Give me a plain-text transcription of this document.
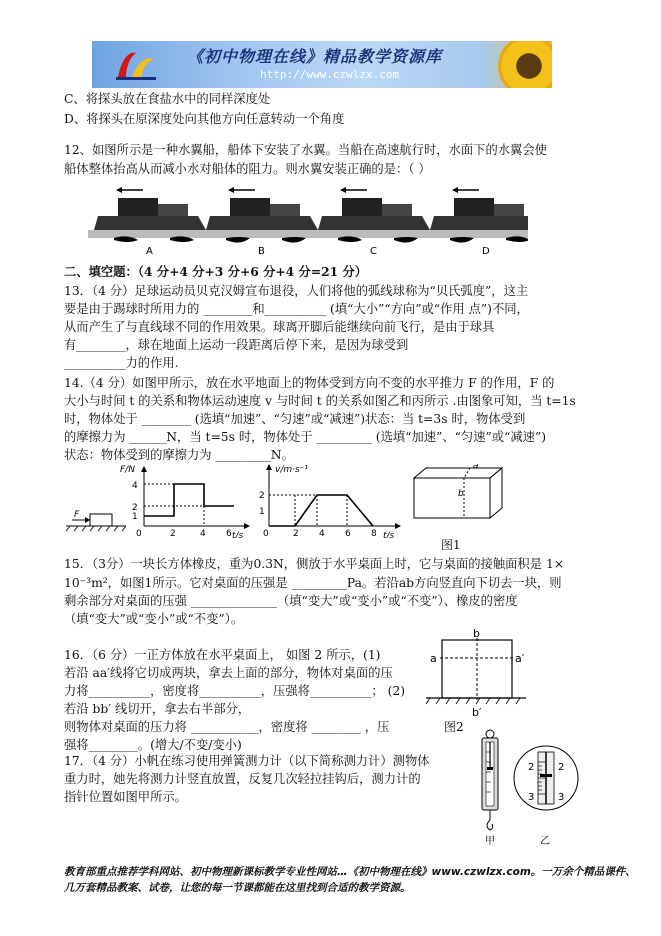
《初中物理在线》精品教学资源库
http://www.czwlzx.com
C、将探头放在食盐水中的同样深度处
D、将探头在原深度处向其他方向任意转动一个角度
12、如图所示是一种水翼船，船体下安装了水翼。当船在高速航行时，水面下的水翼会使
船体整体抬高从而减小水对船体的阻力。则水翼安装正确的是：（ ）
A	B	C	D
二、填空题：（4 分+4 分+3 分+6 分+4 分=21 分）
13．（4 分）足球运动员贝克汉姆宣布退役，人们将他的弧线球称为“贝氏弧度”，这主
要是由于踢球时所用力的 ________和__________ (填“大小”“方向”或“作用 点”)不同，
从而产生了与直线球不同的作用效果。球离开脚后能继续向前飞行，是由于球具
有________，球在地面上运动一段距离后停下来，是因为球受到
__________力的作用.
14.（4 分）如图甲所示，放在水平地面上的物体受到方向不变的水平推力 F 的作用，F 的
大小与时间 t 的关系和物体运动速度 v 与时间 t 的关系如图乙和丙所示 .由图象可知，当 t=1s
时，物体处于 ________ (选填“加速”、“匀速”或“减速”)状态：当 t=3s 时，物体受到
的摩擦力为 ______N，当 t=5s 时，物体处于 _________ (选填“加速”、“匀速”或“减速”)
状态：物体受到的摩擦力为 _________N。
F
F/N
t/s
4
2
1
0	2	4 6
v/m·s⁻¹
t/s
2
1
0	2 4 6 8
a
b
图1
15．（3分）一块长方体橡皮，重为0.3N，侧放于水平桌面上时，它与桌面的接触面积是 1×
10⁻³m²，如图1所示。它对桌面的压强是 _________Pa。若沿ab方向竖直向下切去一块，则
剩余部分对桌面的压强 ______________（填“变大”或“变小”或“不变”）、橡皮的密度
（填“变大”或“变小”或“不变”）。
16．（6 分）一正方体放在水平桌面上， 如图 2 所示，(1)
若沿 aa′线将它切成两块，拿去上面的部分，物体对桌面的压
力将__________，密度将__________，压强将__________； (2)
若沿 bb′ 线切开，拿去右半部分，
则物体对桌面的压力将 ___________，密度将 ________ ，压
强将________。(增大/不变/变小)
a	a′
b
b′
图2
17．（4 分）小帆在练习使用弹簧测力计（以下简称测力计）测物体
重力时，她先将测力计竖直放置，反复几次轻拉挂钩后，测力计的
指针位置如图甲所示。
甲
2
3
2
3
乙
教育部重点推荐学科网站、初中物理新课标教学专业性网站…《初中物理在线》www.czwlzx.com。一万余个精品课件、
几万套精品教案、试卷，让您的每一节课都能在这里找到合适的教学资源。
